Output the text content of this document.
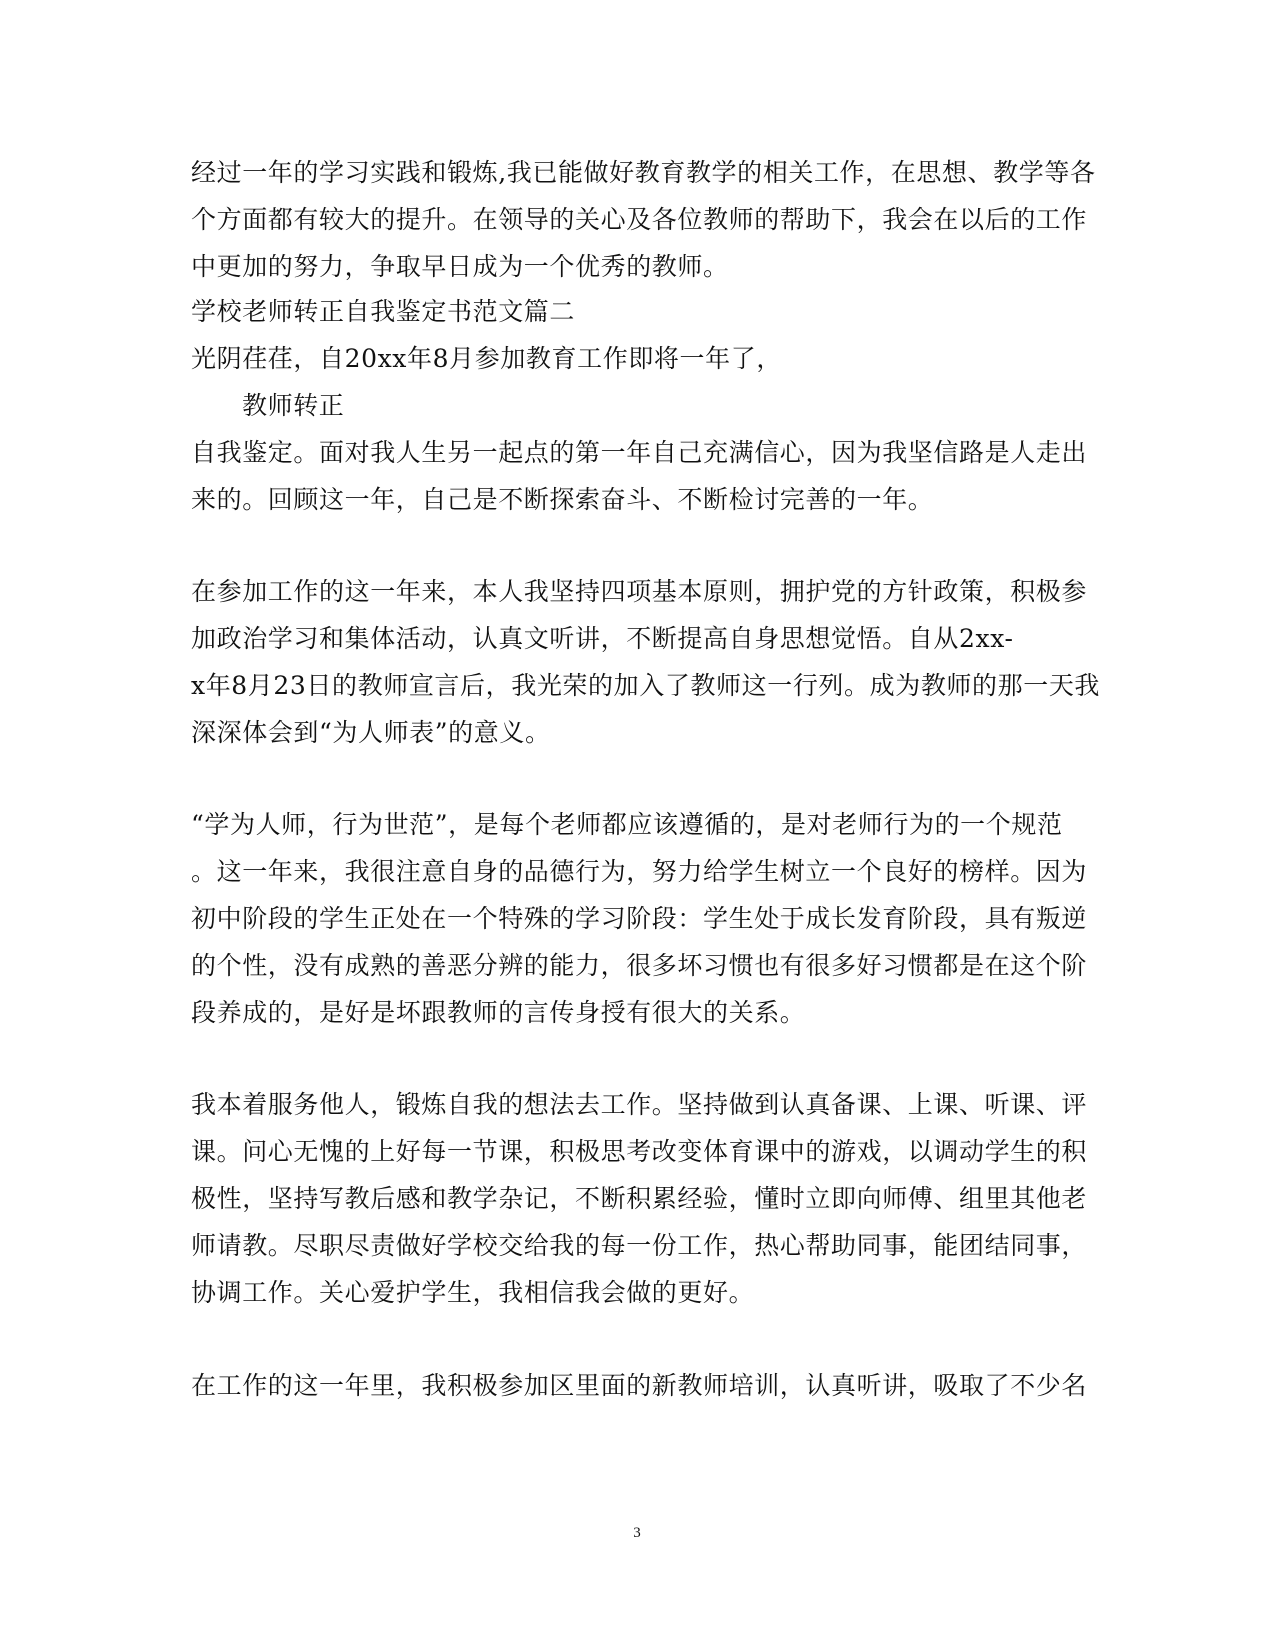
经过一年的学习实践和锻炼,我已能做好教育教学的相关工作，在思想、教学等各
个方面都有较大的提升。在领导的关心及各位教师的帮助下，我会在以后的工作
中更加的努力，争取早日成为一个优秀的教师。
学校老师转正自我鉴定书范文篇二
光阴荏荏，自20xx年8月参加教育工作即将一年了，
教师转正
自我鉴定。面对我人生另一起点的第一年自己充满信心，因为我坚信路是人走出
来的。回顾这一年，自己是不断探索奋斗、不断检讨完善的一年。
在参加工作的这一年来，本人我坚持四项基本原则，拥护党的方针政策，积极参
加政治学习和集体活动，认真文听讲，不断提高自身思想觉悟。自从2xx-
x年8月23日的教师宣言后，我光荣的加入了教师这一行列。成为教师的那一天我
深深体会到“为人师表”的意义。
“学为人师，行为世范”，是每个老师都应该遵循的，是对老师行为的一个规范
。这一年来，我很注意自身的品德行为，努力给学生树立一个良好的榜样。因为
初中阶段的学生正处在一个特殊的学习阶段：学生处于成长发育阶段，具有叛逆
的个性，没有成熟的善恶分辨的能力，很多坏习惯也有很多好习惯都是在这个阶
段养成的，是好是坏跟教师的言传身授有很大的关系。
我本着服务他人，锻炼自我的想法去工作。坚持做到认真备课、上课、听课、评
课。问心无愧的上好每一节课，积极思考改变体育课中的游戏，以调动学生的积
极性，坚持写教后感和教学杂记，不断积累经验，懂时立即向师傅、组里其他老
师请教。尽职尽责做好学校交给我的每一份工作，热心帮助同事，能团结同事，
协调工作。关心爱护学生，我相信我会做的更好。
在工作的这一年里，我积极参加区里面的新教师培训，认真听讲，吸取了不少名
3
